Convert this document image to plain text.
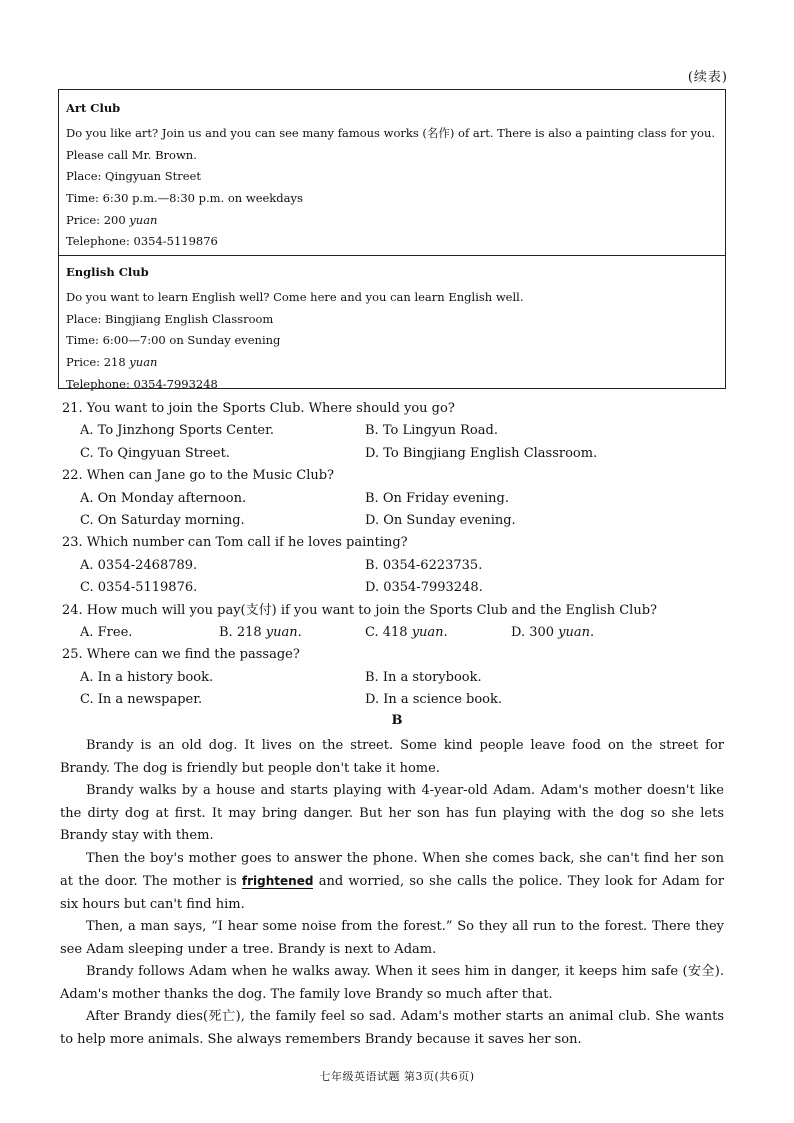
(续表)
Art Club
Do you like art? Join us and you can see many famous works (名作) of art. There is also a painting class for you.
Please call Mr. Brown.
Place: Qingyuan Street
Time: 6:30 p.m.—8:30 p.m. on weekdays
Price: 200 yuan
Telephone: 0354-5119876
English Club
Do you want to learn English well? Come here and you can learn English well.
Place: Bingjiang English Classroom
Time: 6:00—7:00 on Sunday evening
Price: 218 yuan
Telephone: 0354-7993248
21. You want to join the Sports Club. Where should you go?
A. To Jinzhong Sports Center.	B. To Lingyun Road.
C. To Qingyuan Street.	D. To Bingjiang English Classroom.
22. When can Jane go to the Music Club?
A. On Monday afternoon.	B. On Friday evening.
C. On Saturday morning.	D. On Sunday evening.
23. Which number can Tom call if he loves painting?
A. 0354-2468789.	B. 0354-6223735.
C. 0354-5119876.	D. 0354-7993248.
24. How much will you pay(支付) if you want to join the Sports Club and the English Club?
A. Free.	B. 218 yuan.	C. 418 yuan.	D. 300 yuan.
25. Where can we find the passage?
A. In a history book.	B. In a storybook.
C. In a newspaper.	D. In a science book.
B

Brandy is an old dog. It lives on the street. Some kind people leave food on the street for Brandy. The dog is friendly but people don't take it home.

Brandy walks by a house and starts playing with 4-year-old Adam. Adam's mother doesn't like the dirty dog at first. It may bring danger. But her son has fun playing with the dog so she lets Brandy stay with them.

Then the boy's mother goes to answer the phone. When she comes back, she can't find her son at the door. The mother is frightened and worried, so she calls the police. They look for Adam for six hours but can't find him.

Then, a man says, “I hear some noise from the forest.” So they all run to the forest. There they see Adam sleeping under a tree. Brandy is next to Adam.

Brandy follows Adam when he walks away. When it sees him in danger, it keeps him safe (安全). Adam's mother thanks the dog. The family love Brandy so much after that.

After Brandy dies(死亡), the family feel so sad. Adam's mother starts an animal club. She wants to help more animals. She always remembers Brandy because it saves her son.

七年级英语试题 第3页(共6页)
